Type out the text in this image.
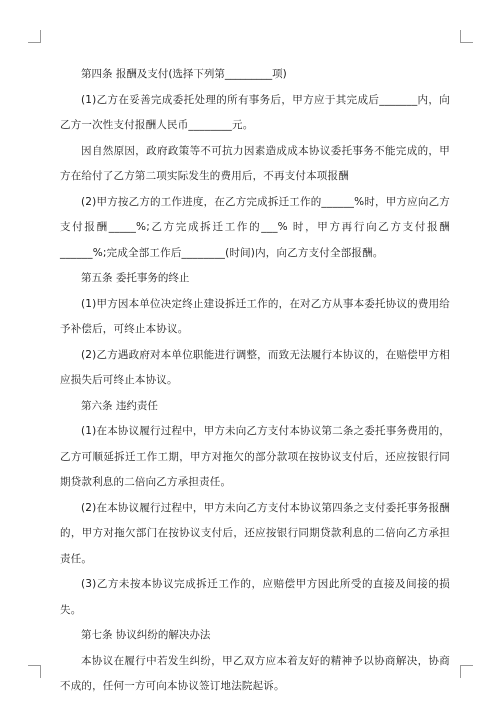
第四条 报酬及支付(选择下列第_________项)

(1)乙方在妥善完成委托处理的所有事务后，甲方应于其完成后_______内，向乙方一次性支付报酬人民币________元。

因自然原因，政府政策等不可抗力因素造成成本协议委托事务不能完成的，甲方在给付了乙方第二项实际发生的费用后，不再支付本项报酬

(2)甲方按乙方的工作进度，在乙方完成拆迁工作的______%时，甲方应向乙方支付报酬_____%;乙方完成拆迁工作的___% 时，甲方再行向乙方支付报酬______%;完成全部工作后________(时间)内，向乙方支付全部报酬。

第五条 委托事务的终止

(1)甲方因本单位决定终止建设拆迁工作的，在对乙方从事本委托协议的费用给予补偿后，可终止本协议。

(2)乙方遇政府对本单位职能进行调整，而致无法履行本协议的，在赔偿甲方相应损失后可终止本协议。

第六条 违约责任

(1)在本协议履行过程中，甲方未向乙方支付本协议第二条之委托事务费用的，乙方可顺延拆迁工作工期，甲方对拖欠的部分款项在按协议支付后，还应按银行同期贷款利息的二倍向乙方承担责任。

(2)在本协议履行过程中，甲方未向乙方支付本协议第四条之支付委托事务报酬的，甲方对拖欠部门在按协议支付后，还应按银行同期贷款利息的二倍向乙方承担责任。

(3)乙方未按本协议完成拆迁工作的，应赔偿甲方因此所受的直接及间接的损失。

第七条 协议纠纷的解决办法

本协议在履行中若发生纠纷，甲乙双方应本着友好的精神予以协商解决，协商不成的，任何一方可向本协议签订地法院起诉。
